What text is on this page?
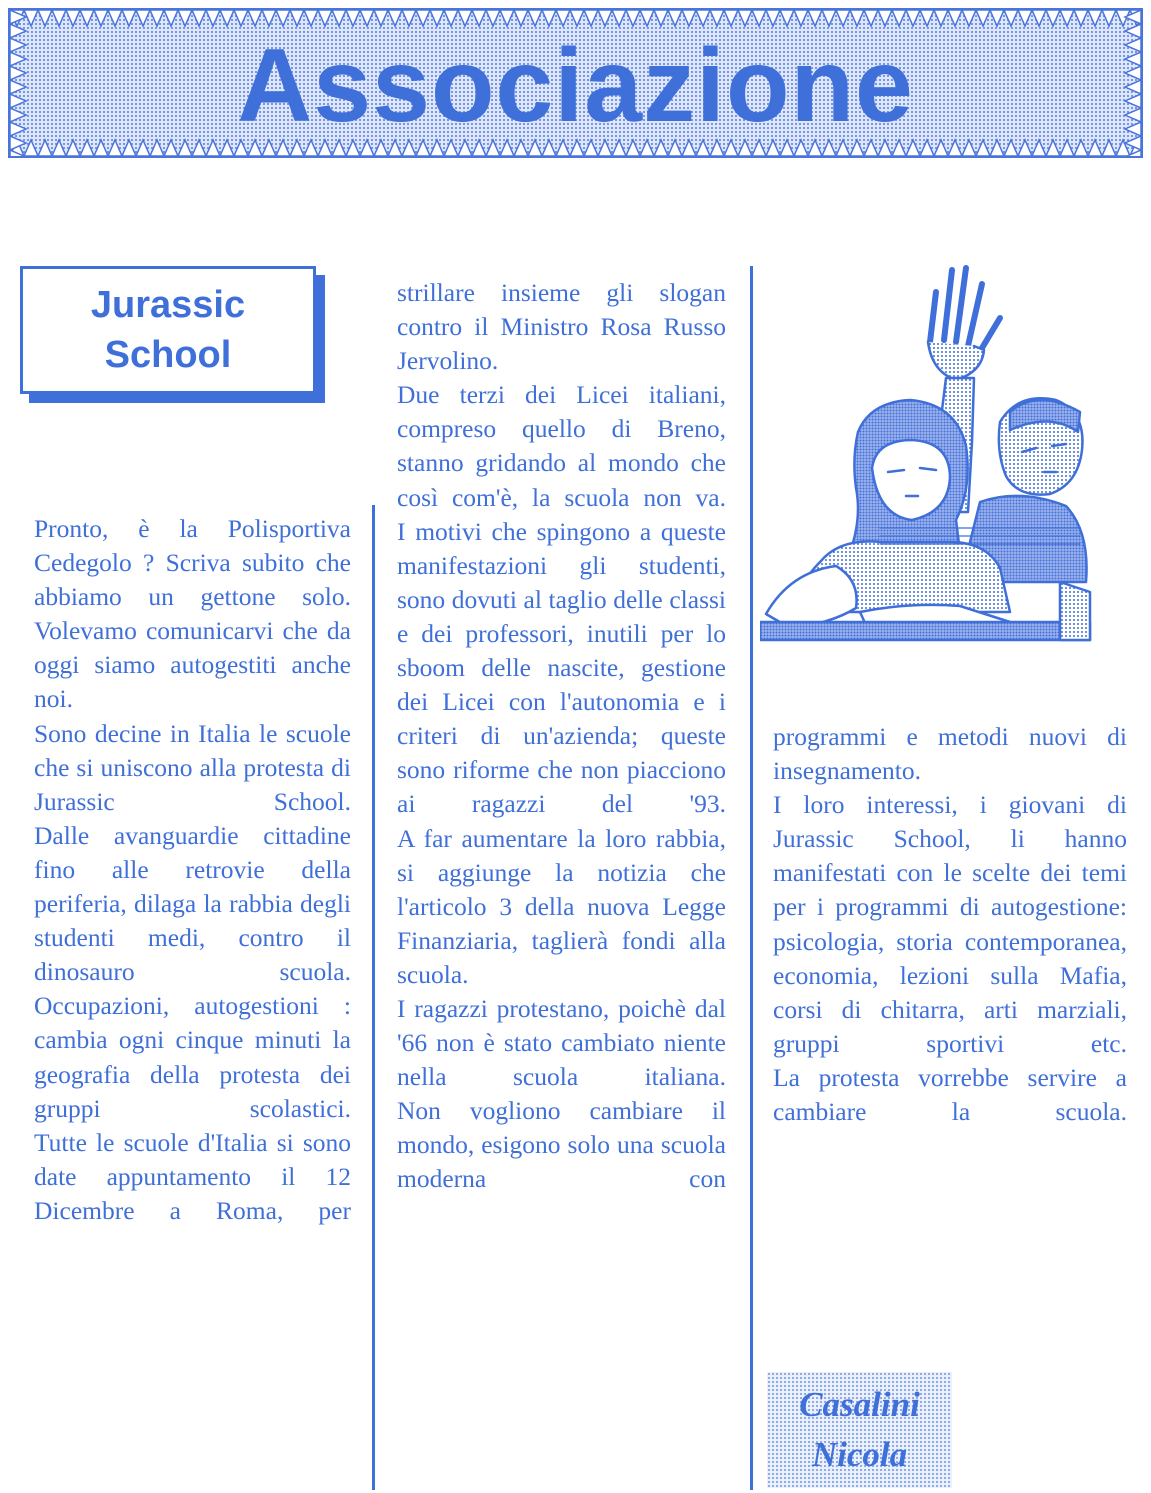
Associazione
Jurassic
School

Pronto, è la Polisportiva Cedegolo ? Scriva subito che abbiamo un gettone solo.

Volevamo comunicarvi che da oggi siamo autogestiti anche noi.

Sono decine in Italia le scuole che si uniscono alla protesta di Jurassic School.

Dalle avanguardie cittadine fino alle retrovie della periferia, dilaga la rabbia degli studenti medi, contro il dinosauro scuola.

Occupazioni, autogestioni : cambia ogni cinque minuti la geografia della protesta dei gruppi scolastici.

Tutte le scuole d'Italia si sono date appuntamento il 12 Dicembre a Roma, per

strillare insieme gli slogan contro il Ministro Rosa Russo Jervolino.

Due terzi dei Licei italiani, compreso quello di Breno, stanno gridando al mondo che così com'è, la scuola non va.

I motivi che spingono a queste manifestazioni gli studenti, sono dovuti al taglio delle classi e dei professori, inutili per lo sboom delle nascite, gestione dei Licei con l'autonomia e i criteri di un'azienda; queste sono riforme che non piacciono ai ragazzi del '93.

A far aumentare la loro rabbia, si aggiunge la notizia che l'articolo 3 della nuova Legge Finanziaria, taglierà fondi alla scuola.

I ragazzi protestano, poichè dal '66 non è stato cambiato niente nella scuola italiana.

Non vogliono cambiare il mondo, esigono solo una scuola moderna con

programmi e metodi nuovi di insegnamento.

I loro interessi, i giovani di Jurassic School, li hanno manifestati con le scelte dei temi per i programmi di autogestione: psicologia, storia contemporanea, economia, lezioni sulla Mafia, corsi di chitarra, arti marziali, gruppi sportivi etc.

La protesta vorrebbe servire a cambiare la scuola.

Casalini
Nicola
